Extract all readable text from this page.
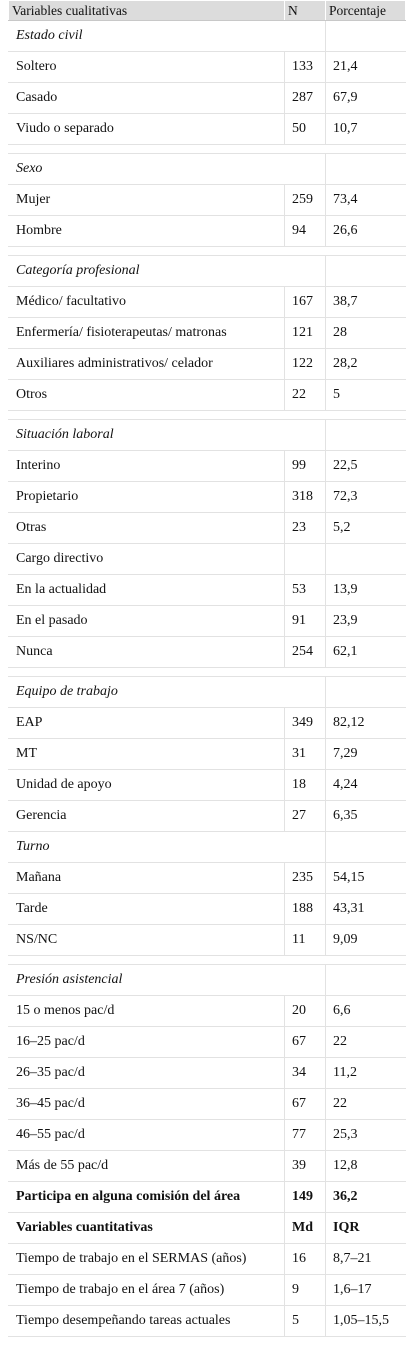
Variables cualitativas	N	Porcentaje
Estado civil		
Soltero	133	21,4
Casado	287	67,9
Viudo o separado	50	10,7

Sexo		
Mujer	259	73,4
Hombre	94	26,6

Categoría profesional		
Médico/ facultativo	167	38,7
Enfermería/ fisioterapeutas/ matronas	121	28
Auxiliares administrativos/ celador	122	28,2
Otros	22	5

Situación laboral		
Interino	99	22,5
Propietario	318	72,3
Otras	23	5,2
Cargo directivo		
En la actualidad	53	13,9
En el pasado	91	23,9
Nunca	254	62,1

Equipo de trabajo		
EAP	349	82,12
MT	31	7,29
Unidad de apoyo	18	4,24
Gerencia	27	6,35
Turno		
Mañana	235	54,15
Tarde	188	43,31
NS/NC	11	9,09

Presión asistencial		
15 o menos pac/d	20	6,6
16–25 pac/d	67	22
26–35 pac/d	34	11,2
36–45 pac/d	67	22
46–55 pac/d	77	25,3
Más de 55 pac/d	39	12,8
Participa en alguna comisión del área	149	36,2
Variables cuantitativas	Md	IQR
Tiempo de trabajo en el SERMAS (años)	16	8,7–21
Tiempo de trabajo en el área 7 (años)	9	1,6–17
Tiempo desempeñando tareas actuales	5	1,05–15,5
